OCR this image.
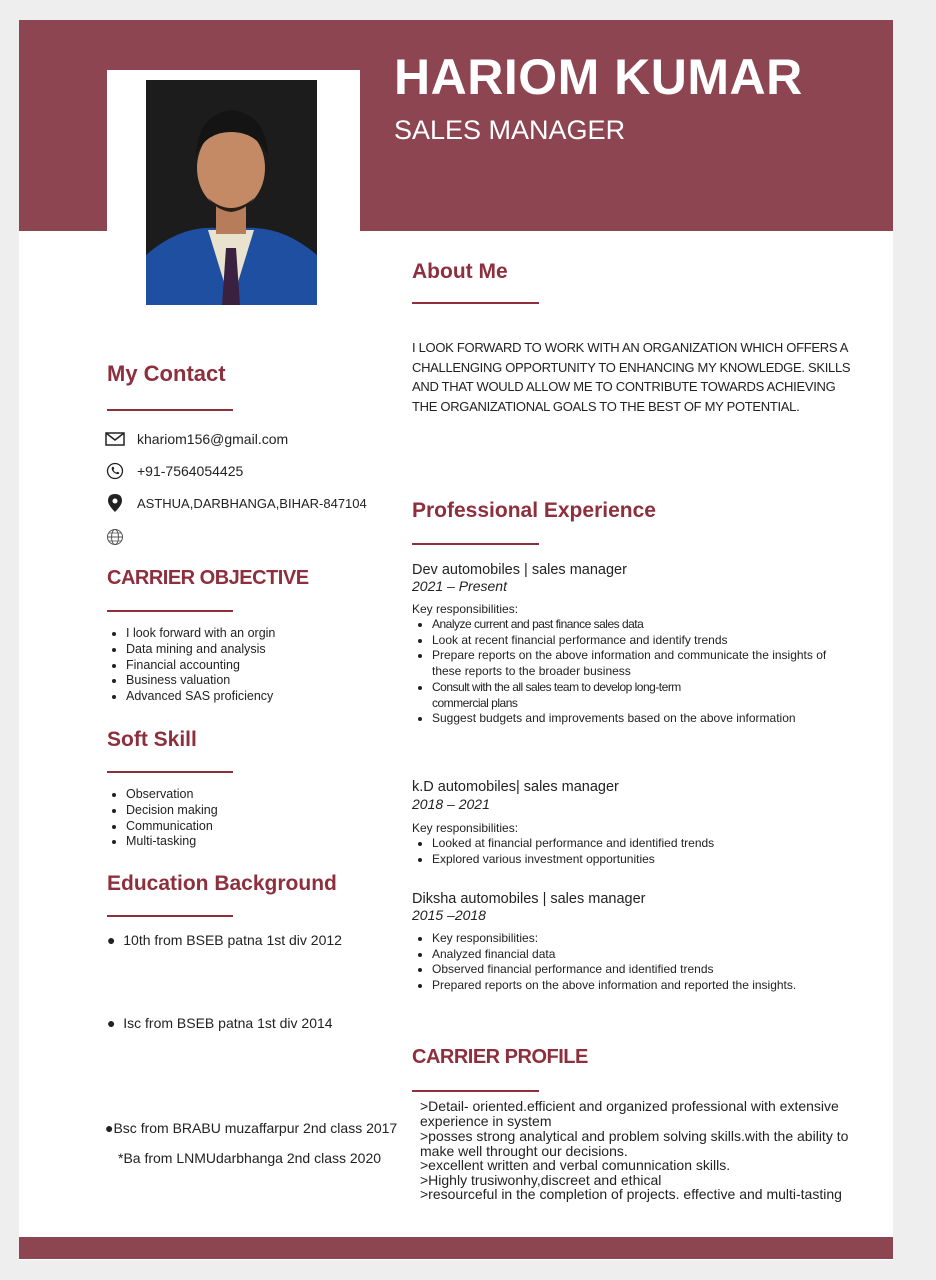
HARIOM KUMAR
SALES MANAGER
My Contact
khariom156@gmail.com
+91-7564054425
ASTHUA,DARBHANGA,BIHAR-847104
CARRIER OBJECTIVE
• I look forward with an orgin
• Data mining and analysis
• Financial accounting
• Business valuation
• Advanced SAS proficiency
Soft Skill
• Observation
• Decision making
• Communication
• Multi-tasking
Education Background
●  10th from BSEB patna 1st div 2012
●  Isc from BSEB patna 1st div 2014
●Bsc from BRABU muzaffarpur 2nd class 2017
*Ba from LNMUdarbhanga 2nd class 2020
About Me
I LOOK FORWARD TO WORK WITH AN ORGANIZATION WHICH OFFERS A CHALLENGING OPPORTUNITY TO ENHANCING MY KNOWLEDGE. SKILLS AND THAT WOULD ALLOW ME TO CONTRIBUTE TOWARDS ACHIEVING THE ORGANIZATIONAL GOALS TO THE BEST OF MY POTENTIAL.
Professional Experience
Dev automobiles | sales manager
2021 – Present
Key responsibilities:
• Analyze current and past finance sales data
• Look at recent financial performance and identify trends
• Prepare reports on the above information and communicate the insights of these reports to the broader business
• Consult with the all sales team to develop long-term commercial plans
• Suggest budgets and improvements based on the above information
k.D automobiles| sales manager
2018 – 2021
Key responsibilities:
• Looked at financial performance and identified trends
• Explored various investment opportunities
Diksha automobiles | sales manager
2015 –2018
• Key responsibilities:
• Analyzed financial data
• Observed financial performance and identified trends
• Prepared reports on the above information and reported the insights.
CARRIER PROFILE
>Detail- oriented.efficient and organized professional with extensive
experience in system
>posses strong analytical and problem solving skills.with the ability to
make well throught our decisions.
>excellent written and verbal comunnication skills.
>Highly trusiwonhy,discreet and ethical
>resourceful in the completion of projects. effective and multi-tasting
